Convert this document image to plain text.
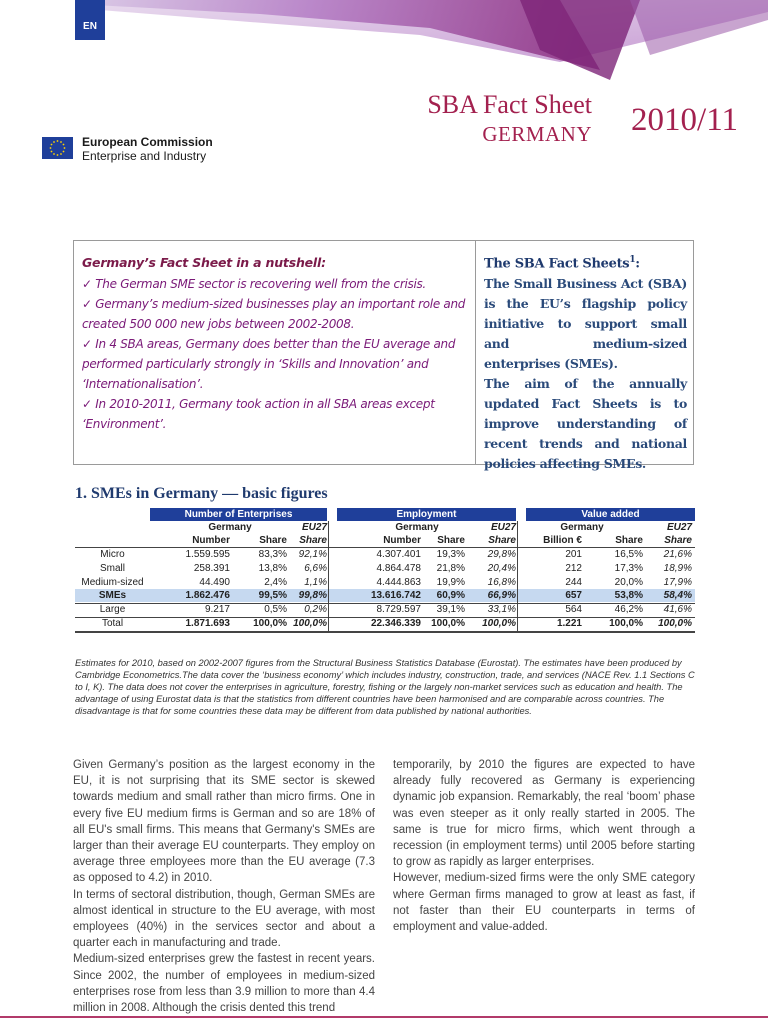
EN
SBA Fact Sheet
GERMANY 2010/11
European Commission
Enterprise and Industry
Germany’s Fact Sheet in a nutshell:
✓ The German SME sector is recovering well from the crisis.
✓ Germany’s medium-sized businesses play an important role and created 500 000 new jobs between 2002-2008.
✓ In 4 SBA areas, Germany does better than the EU average and performed particularly strongly in ‘Skills and Innovation’ and ‘Internationalisation’.
✓ In 2010-2011, Germany took action in all SBA areas except ‘Environment’.
The SBA Fact Sheets$^1$:
The Small Business Act (SBA) is the EU’s flagship policy initiative to support small and medium-sized enterprises (SMEs).
The aim of the annually updated Fact Sheets is to improve understanding of recent trends and national policies affecting SMEs.
1. SMEs in Germany — basic figures
Number of Enterprises	Employment	Value added
Germany	EU27	Germany	EU27	Germany	EU27
Number	Share	Share	Number	Share	Share	Billion €	Share	Share
Micro	1.559.595	83,3%	92,1%	4.307.401	19,3%	29,8%	201	16,5%	21,6%
Small	258.391	13,8%	6,6%	4.864.478	21,8%	20,4%	212	17,3%	18,9%
Medium-sized	44.490	2,4%	1,1%	4.444.863	19,9%	16,8%	244	20,0%	17,9%
SMEs	1.862.476	99,5%	99,8%	13.616.742	60,9%	66,9%	657	53,8%	58,4%
Large	9.217	0,5%	0,2%	8.729.597	39,1%	33,1%	564	46,2%	41,6%
Total	1.871.693	100,0% 100,0%	22.346.339	100,0%	100,0%	1.221	100,0%	100,0%
Estimates for 2010, based on 2002-2007 figures from the Structural Business Statistics Database (Eurostat). The estimates have been produced by Cambridge Econometrics.The data cover the ‘business economy’ which includes industry, construction, trade, and services (NACE Rev. 1.1 Sections C to I, K). The data does not cover the enterprises in agriculture, forestry, fishing or the largely non-market services such as education and health. The advantage of using Eurostat data is that the statistics from different countries have been harmonised and are comparable across countries. The disadvantage is that for some countries these data may be different from data published by national authorities.

Given Germany’s position as the largest economy in the EU, it is not surprising that its SME sector is skewed towards medium and small rather than micro firms. One in every five EU medium firms is German and so are 18% of all EU's small firms. This means that Germany's SMEs are larger than their average EU counterparts. They employ on average three employees more than the EU average (7.3 as opposed to 4.2) in 2010.

In terms of sectoral distribution, though, German SMEs are almost identical in structure to the EU average, with most employees (40%) in the services sector and about a quarter each in manufacturing and trade.

Medium-sized enterprises grew the fastest in recent years. Since 2002, the number of employees in medium-sized enterprises rose from less than 3.9 million to more than 4.4 million in 2008. Although the crisis dented this trend

temporarily, by 2010 the figures are expected to have already fully recovered as Germany is experiencing dynamic job expansion. Remarkably, the real ‘boom’ phase was even steeper as it only really started in 2005. The same is true for micro firms, which went through a recession (in employment terms) until 2005 before starting to grow as rapidly as larger enterprises.

However, medium-sized firms were the only SME category where German firms managed to grow at least as fast, if not faster than their EU counterparts in terms of employment and value-added.
